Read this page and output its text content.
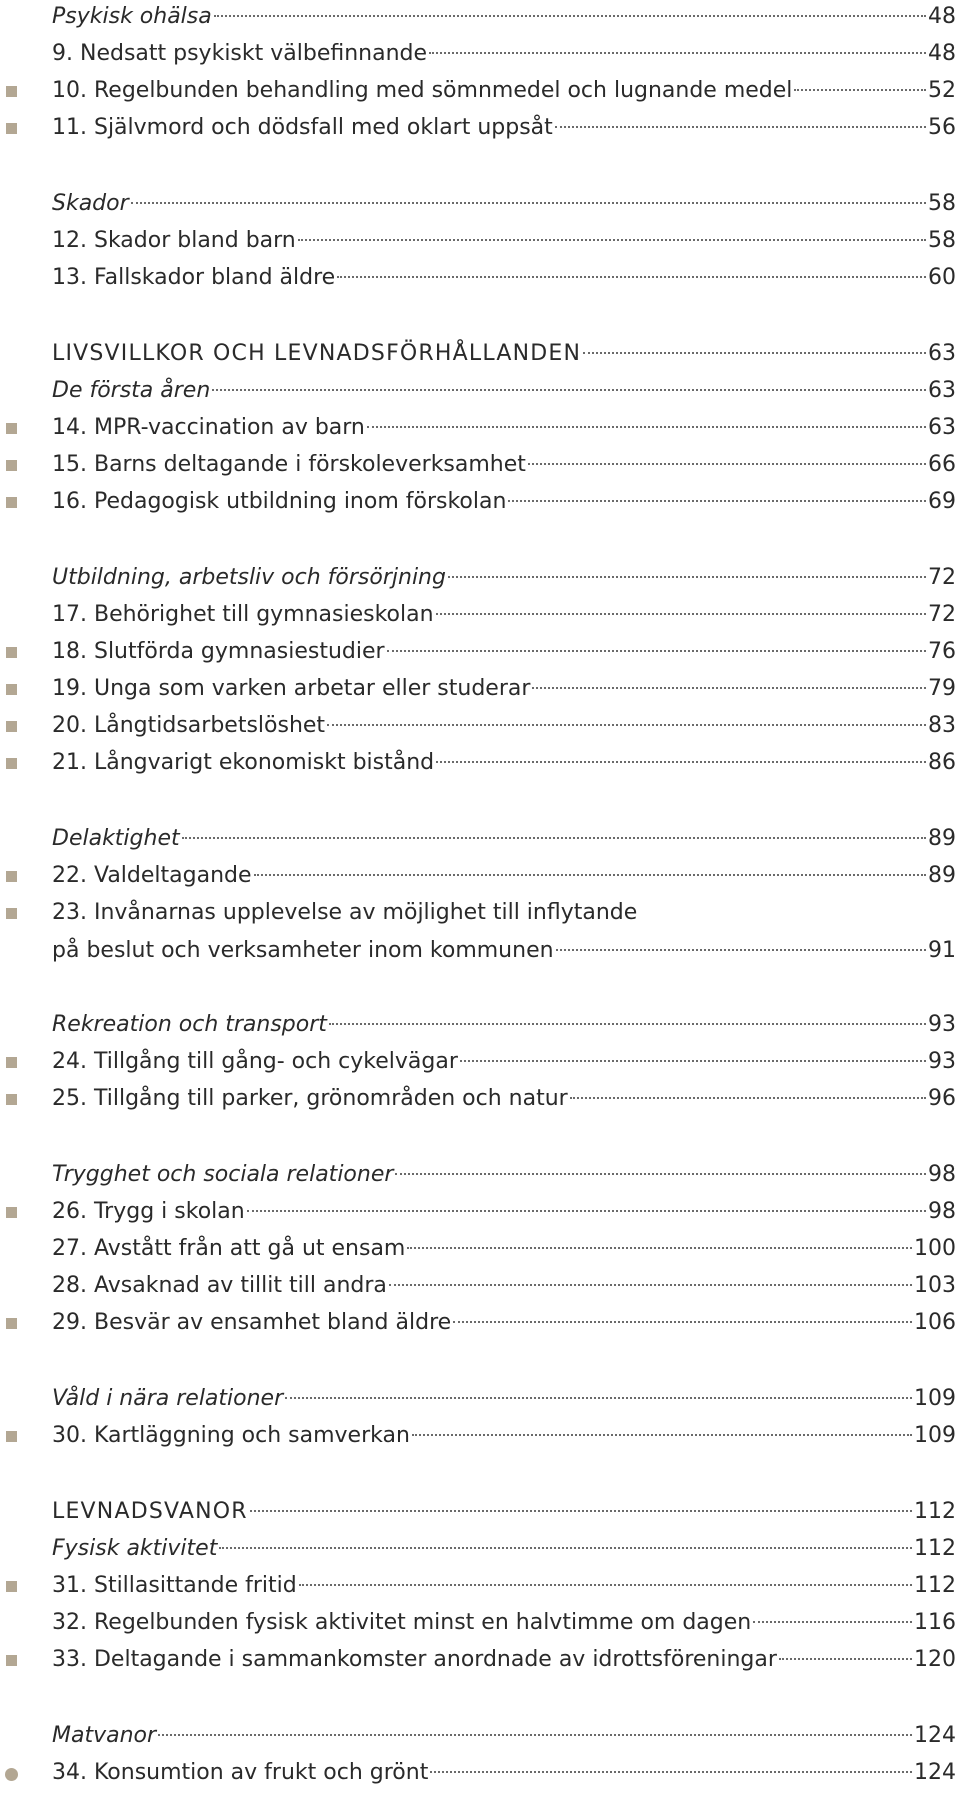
Psykisk ohälsa	48
9. Nedsatt psykiskt välbefinnande	48
10. Regelbunden behandling med sömnmedel och lugnande medel	52
11. Självmord och dödsfall med oklart uppsåt	56
Skador	58
12. Skador bland barn	58
13. Fallskador bland äldre	60
LIVSVILLKOR OCH LEVNADSFÖRHÅLLANDEN	63
De första åren	63
14. MPR-vaccination av barn	63
15. Barns deltagande i förskoleverksamhet	66
16. Pedagogisk utbildning inom förskolan	69
Utbildning, arbetsliv och försörjning	72
17. Behörighet till gymnasieskolan	72
18. Slutförda gymnasiestudier	76
19. Unga som varken arbetar eller studerar	79
20. Långtidsarbetslöshet	83
21. Långvarigt ekonomiskt bistånd	86
Delaktighet	89
22. Valdeltagande	89
23. Invånarnas upplevelse av möjlighet till inflytande
på beslut och verksamheter inom kommunen	91
Rekreation och transport	93
24. Tillgång till gång- och cykelvägar	93
25. Tillgång till parker, grönområden och natur	96
Trygghet och sociala relationer	98
26. Trygg i skolan	98
27. Avstått från att gå ut ensam	100
28. Avsaknad av tillit till andra	103
29. Besvär av ensamhet bland äldre	106
Våld i nära relationer	109
30. Kartläggning och samverkan	109
LEVNADSVANOR	112
Fysisk aktivitet	112
31. Stillasittande fritid	112
32. Regelbunden fysisk aktivitet minst en halvtimme om dagen	116
33. Deltagande i sammankomster anordnade av idrottsföreningar	120
Matvanor	124
34. Konsumtion av frukt och grönt	124
